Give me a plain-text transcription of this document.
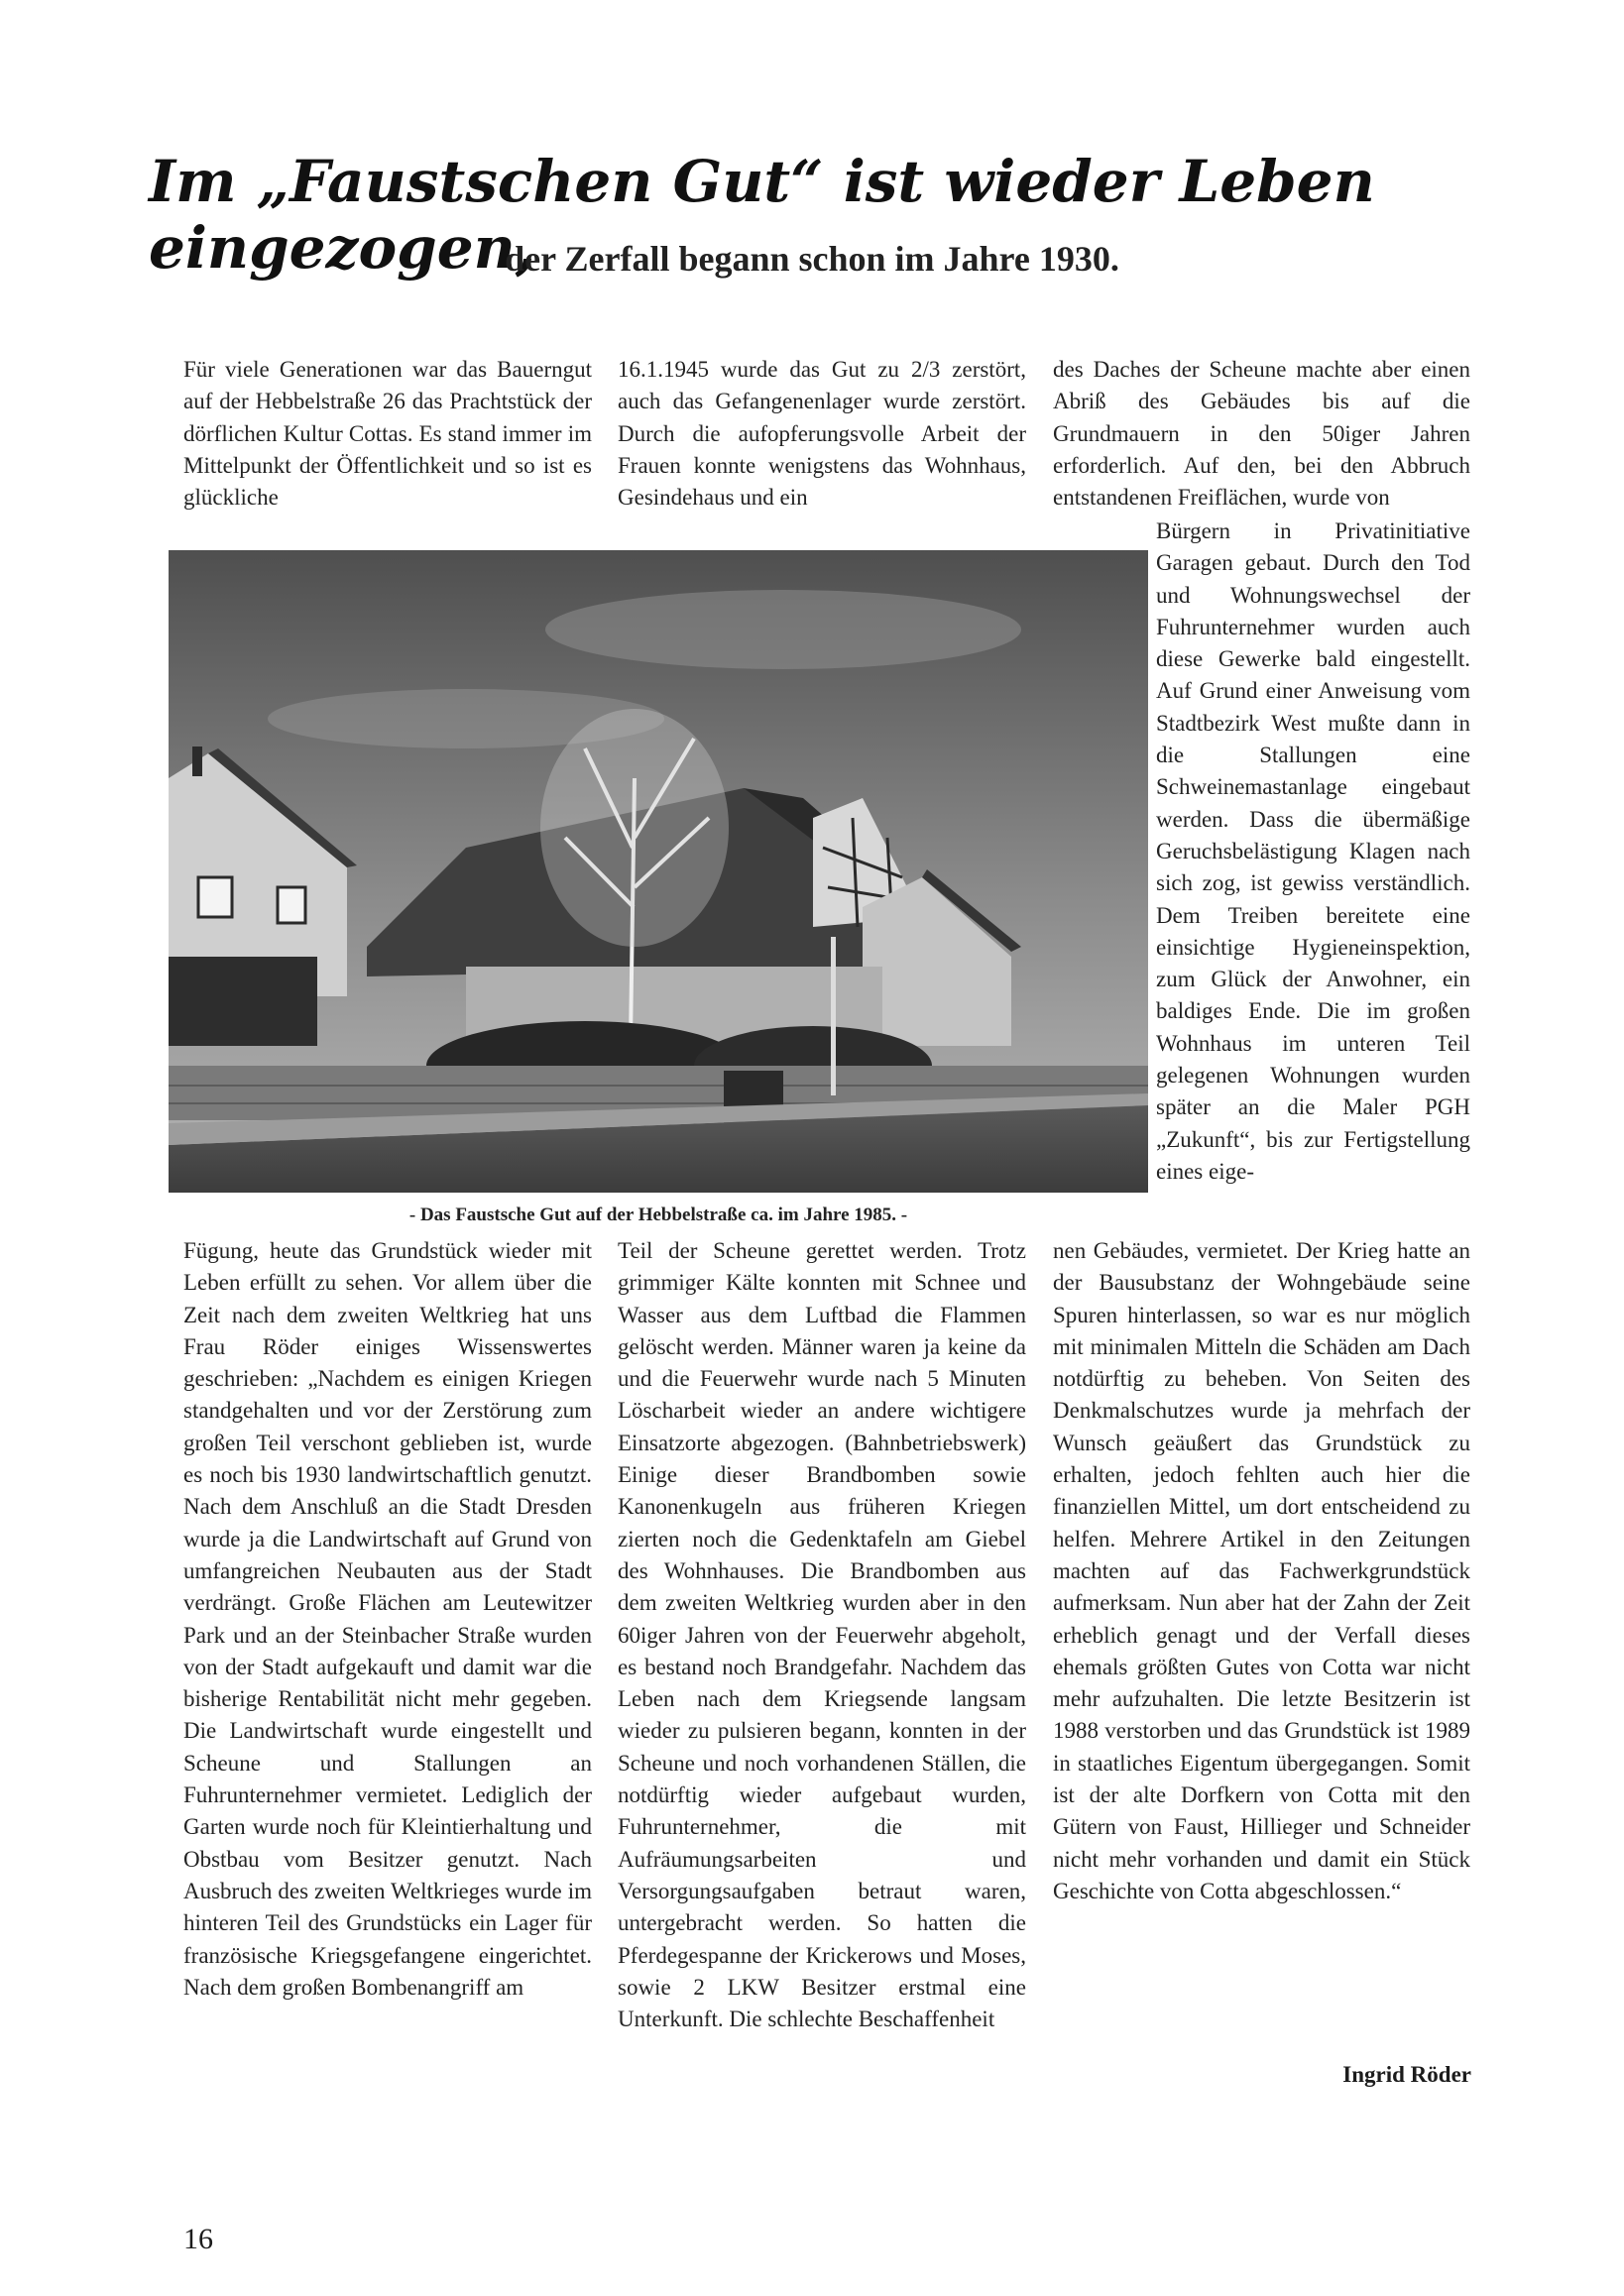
Im „Faustschen Gut“ ist wieder Leben eingezogen,
der Zerfall begann schon im Jahre 1930.

Für viele Generationen war das Bauerngut auf der Hebbelstraße 26 das Prachtstück der dörflichen Kultur Cottas. Es stand immer im Mittelpunkt der Öffentlichkeit und so ist es glückliche

Fügung, heute das Grundstück wieder mit Leben erfüllt zu sehen. Vor allem über die Zeit nach dem zweiten Weltkrieg hat uns Frau Röder einiges Wissenswertes geschrieben: „Nachdem es einigen Kriegen standgehalten und vor der Zerstörung zum großen Teil verschont geblieben ist, wurde es noch bis 1930 landwirtschaftlich genutzt. Nach dem Anschluß an die Stadt Dresden wurde ja die Landwirtschaft auf Grund von umfangreichen Neubauten aus der Stadt verdrängt. Große Flächen am Leutewitzer Park und an der Steinbacher Straße wurden von der Stadt aufgekauft und damit war die bisherige Rentabilität nicht mehr gegeben. Die Landwirtschaft wurde eingestellt und Scheune und Stallungen an Fuhrunternehmer vermietet. Lediglich der Garten wurde noch für Kleintierhaltung und Obstbau vom Besitzer genutzt. Nach Ausbruch des zweiten Weltkrieges wurde im hinteren Teil des Grundstücks ein Lager für französische Kriegsgefangene eingerichtet. Nach dem großen Bombenangriff am

16.1.1945 wurde das Gut zu 2/3 zerstört, auch das Gefangenenlager wurde zerstört. Durch die aufopferungsvolle Arbeit der Frauen konnte wenigstens das Wohnhaus, Gesindehaus und ein

Teil der Scheune gerettet werden. Trotz grimmiger Kälte konnten mit Schnee und Wasser aus dem Luftbad die Flammen gelöscht werden. Männer waren ja keine da und die Feuerwehr wurde nach 5 Minuten Löscharbeit wieder an andere wichtigere Einsatzorte abgezogen. (Bahnbetriebswerk) Einige dieser Brandbomben sowie Kanonenkugeln aus früheren Kriegen zierten noch die Gedenktafeln am Giebel des Wohnhauses. Die Brandbomben aus dem zweiten Weltkrieg wurden aber in den 60iger Jahren von der Feuerwehr abgeholt, es bestand noch Brandgefahr. Nachdem das Leben nach dem Kriegsende langsam wieder zu pulsieren begann, konnten in der Scheune und noch vorhandenen Ställen, die notdürftig wieder aufgebaut wurden, Fuhrunternehmer, die mit Aufräumungsarbeiten und Versorgungsaufgaben betraut waren, untergebracht werden. So hatten die Pferdegespanne der Krickerows und Moses, sowie 2 LKW Besitzer erstmal eine Unterkunft. Die schlechte Beschaffenheit

des Daches der Scheune machte aber einen Abriß des Gebäudes bis auf die Grundmauern in den 50iger Jahren erforderlich. Auf den, bei den Abbruch entstandenen Freiflächen, wurde von

Bürgern in Privatinitiative Garagen gebaut. Durch den Tod und Wohnungswechsel der Fuhrunternehmer wurden auch diese Gewerke bald eingestellt. Auf Grund einer Anweisung vom Stadtbezirk West mußte dann in die Stallungen eine Schweinemastanlage eingebaut werden. Dass die übermäßige Geruchsbelästigung Klagen nach sich zog, ist gewiss verständlich. Dem Treiben bereitete eine einsichtige Hygieneinspektion, zum Glück der Anwohner, ein baldiges Ende. Die im großen Wohnhaus im unteren Teil gelegenen Wohnungen wurden später an die Maler PGH „Zukunft“, bis zur Fertigstellung eines eige-

nen Gebäudes, vermietet. Der Krieg hatte an der Bausubstanz der Wohngebäude seine Spuren hinterlassen, so war es nur möglich mit minimalen Mitteln die Schäden am Dach notdürftig zu beheben. Von Seiten des Denkmalschutzes wurde ja mehrfach der Wunsch geäußert das Grundstück zu erhalten, jedoch fehlten auch hier die finanziellen Mittel, um dort entscheidend zu helfen. Mehrere Artikel in den Zeitungen machten auf das Fachwerkgrundstück aufmerksam. Nun aber hat der Zahn der Zeit erheblich genagt und der Verfall dieses ehemals größten Gutes von Cotta war nicht mehr aufzuhalten. Die letzte Besitzerin ist 1988 verstorben und das Grundstück ist 1989 in staatliches Eigentum übergegangen. Somit ist der alte Dorfkern von Cotta mit den Gütern von Faust, Hillieger und Schneider nicht mehr vorhanden und damit ein Stück Geschichte von Cotta abgeschlossen.“

- Das Faustsche Gut auf der Hebbelstraße ca. im Jahre 1985. -
Ingrid Röder
16
